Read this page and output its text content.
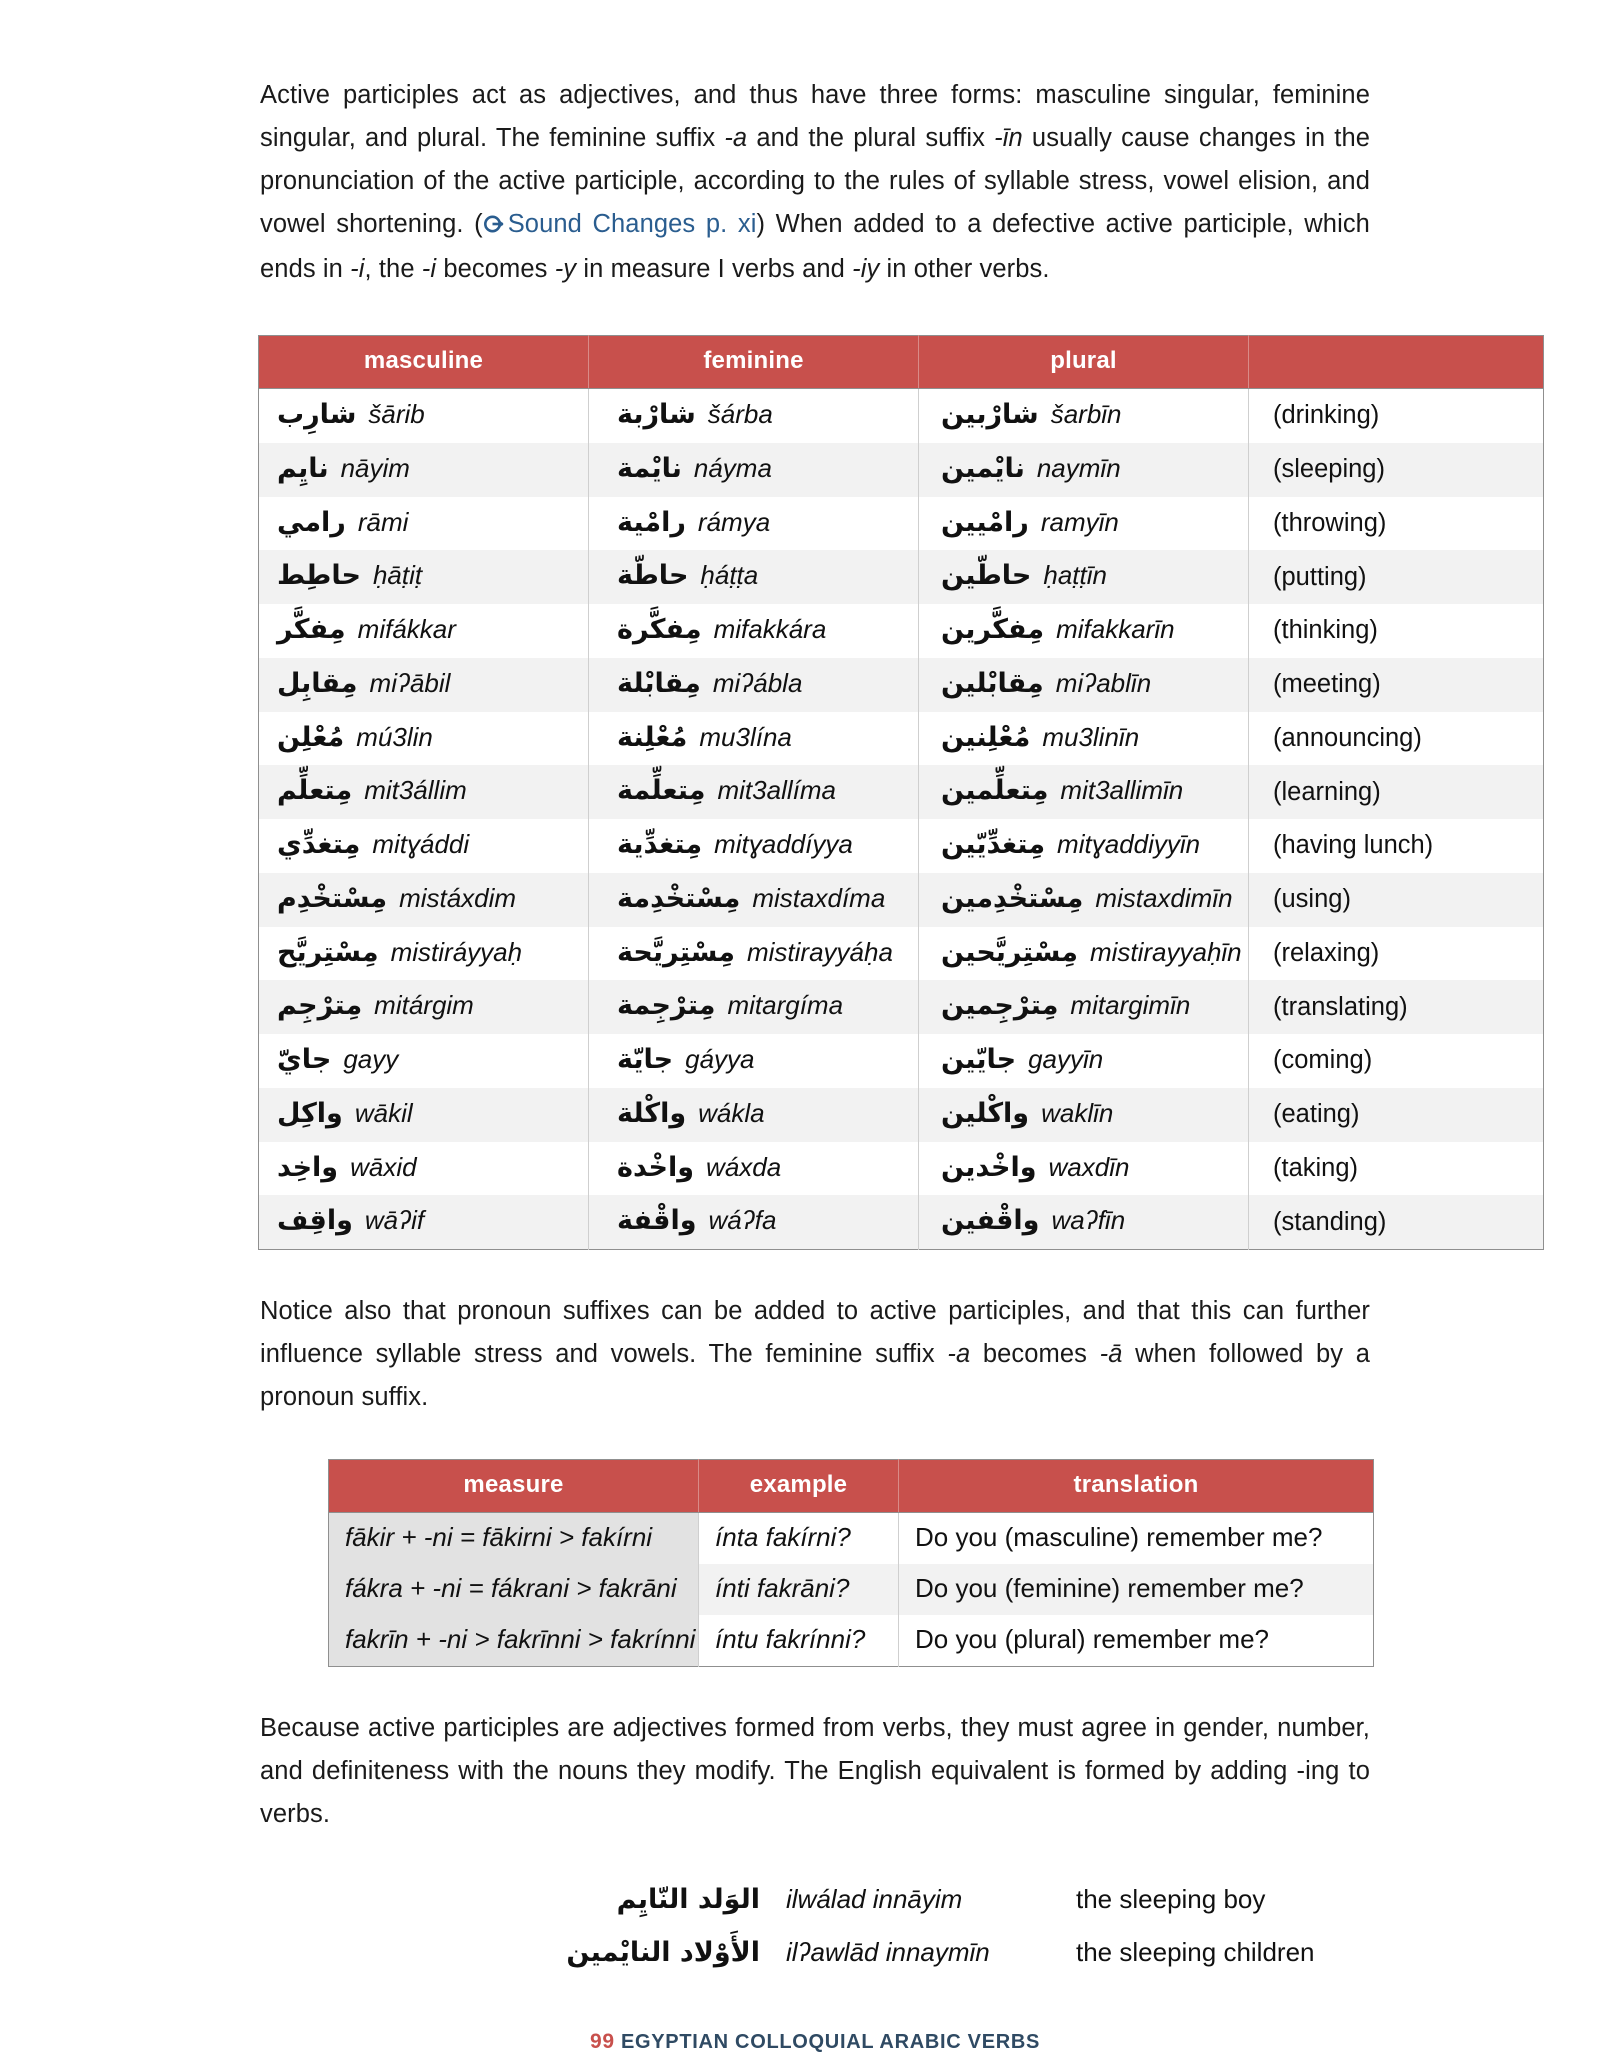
Active participles act as adjectives, and thus have three forms: masculine singular, feminine singular, and plural. The feminine suffix -a and the plural suffix -īn usually cause changes in the pronunciation of the active participle, according to the rules of syllable stress, vowel elision, and vowel shortening. ( Sound Changes p. xi) When added to a defective active participle, which ends in -i, the -i becomes -y in measure I verbs and -iy in other verbs.

masculine	feminine	plural	

شارِب šārib	شارْبة šárba	شارْبين šarbīn	(drinking)

نايِم nāyim	نايْمة náyma	نايْمين naymīn	(sleeping)

رامي rāmi	رامْية rámya	رامْيين ramyīn	(throwing)

حاطِط ḥāṭiṭ	حاطّة ḥáṭṭa	حاطّين ḥaṭṭīn	(putting)

مِفكَّر mifákkar	مِفكَّرة mifakkára	مِفكَّرين mifakkarīn	(thinking)

مِقابِل miʔābil	مِقابْلة miʔábla	مِقابْلين miʔablīn	(meeting)

مُعْلِن mú3lin	مُعْلِنة mu3lína	مُعْلِنين mu3linīn	(announcing)

مِتعلِّم mit3állim	مِتعلِّمة mit3allíma	مِتعلِّمين mit3allimīn	(learning)

مِتغدِّي mitɣáddi	مِتغدِّية mitɣaddíyya	مِتغدِّيّين mitɣaddiyyīn	(having lunch)

مِسْتخْدِم mistáxdim	مِسْتخْدِمة mistaxdíma	مِسْتخْدِمين mistaxdimīn	(using)

مِسْتِريَّح mistiráyyaḥ	مِسْتِريَّحة mistirayyáḥa	مِسْتِريَّحين mistirayyaḥīn	(relaxing)

مِترْجِم mitárgim	مِترْجِمة mitargíma	مِترْجِمين mitargimīn	(translating)

جايّ gayy	جايّة gáyya	جايّين gayyīn	(coming)

واكِل wākil	واكْلة wákla	واكْلين waklīn	(eating)

واخِد wāxid	واخْدة wáxda	واخْدين waxdīn	(taking)

واقِف wāʔif	واقْفة wáʔfa	واقْفين waʔfīn	(standing)

Notice also that pronoun suffixes can be added to active participles, and that this can further influence syllable stress and vowels. The feminine suffix -a becomes -ā when followed by a pronoun suffix.

measure	example	translation
fākir + -ni = fākirni > fakírni	ínta fakírni?	Do you (masculine) remember me?
fákra + -ni = fákrani > fakrāni	ínti fakrāni?	Do you (feminine) remember me?
fakrīn + -ni > fakrīnni > fakrínni	íntu fakrínni?	Do you (plural) remember me?

Because active participles are adjectives formed from verbs, they must agree in gender, number, and definiteness with the nouns they modify. The English equivalent is formed by adding -ing to verbs.

الوَلد النّايِم	ilwálad innāyim	the sleeping boy
الأَوْلاد النايْمين	ilʔawlād innaymīn	the sleeping children
99 EGYPTIAN COLLOQUIAL ARABIC VERBS
